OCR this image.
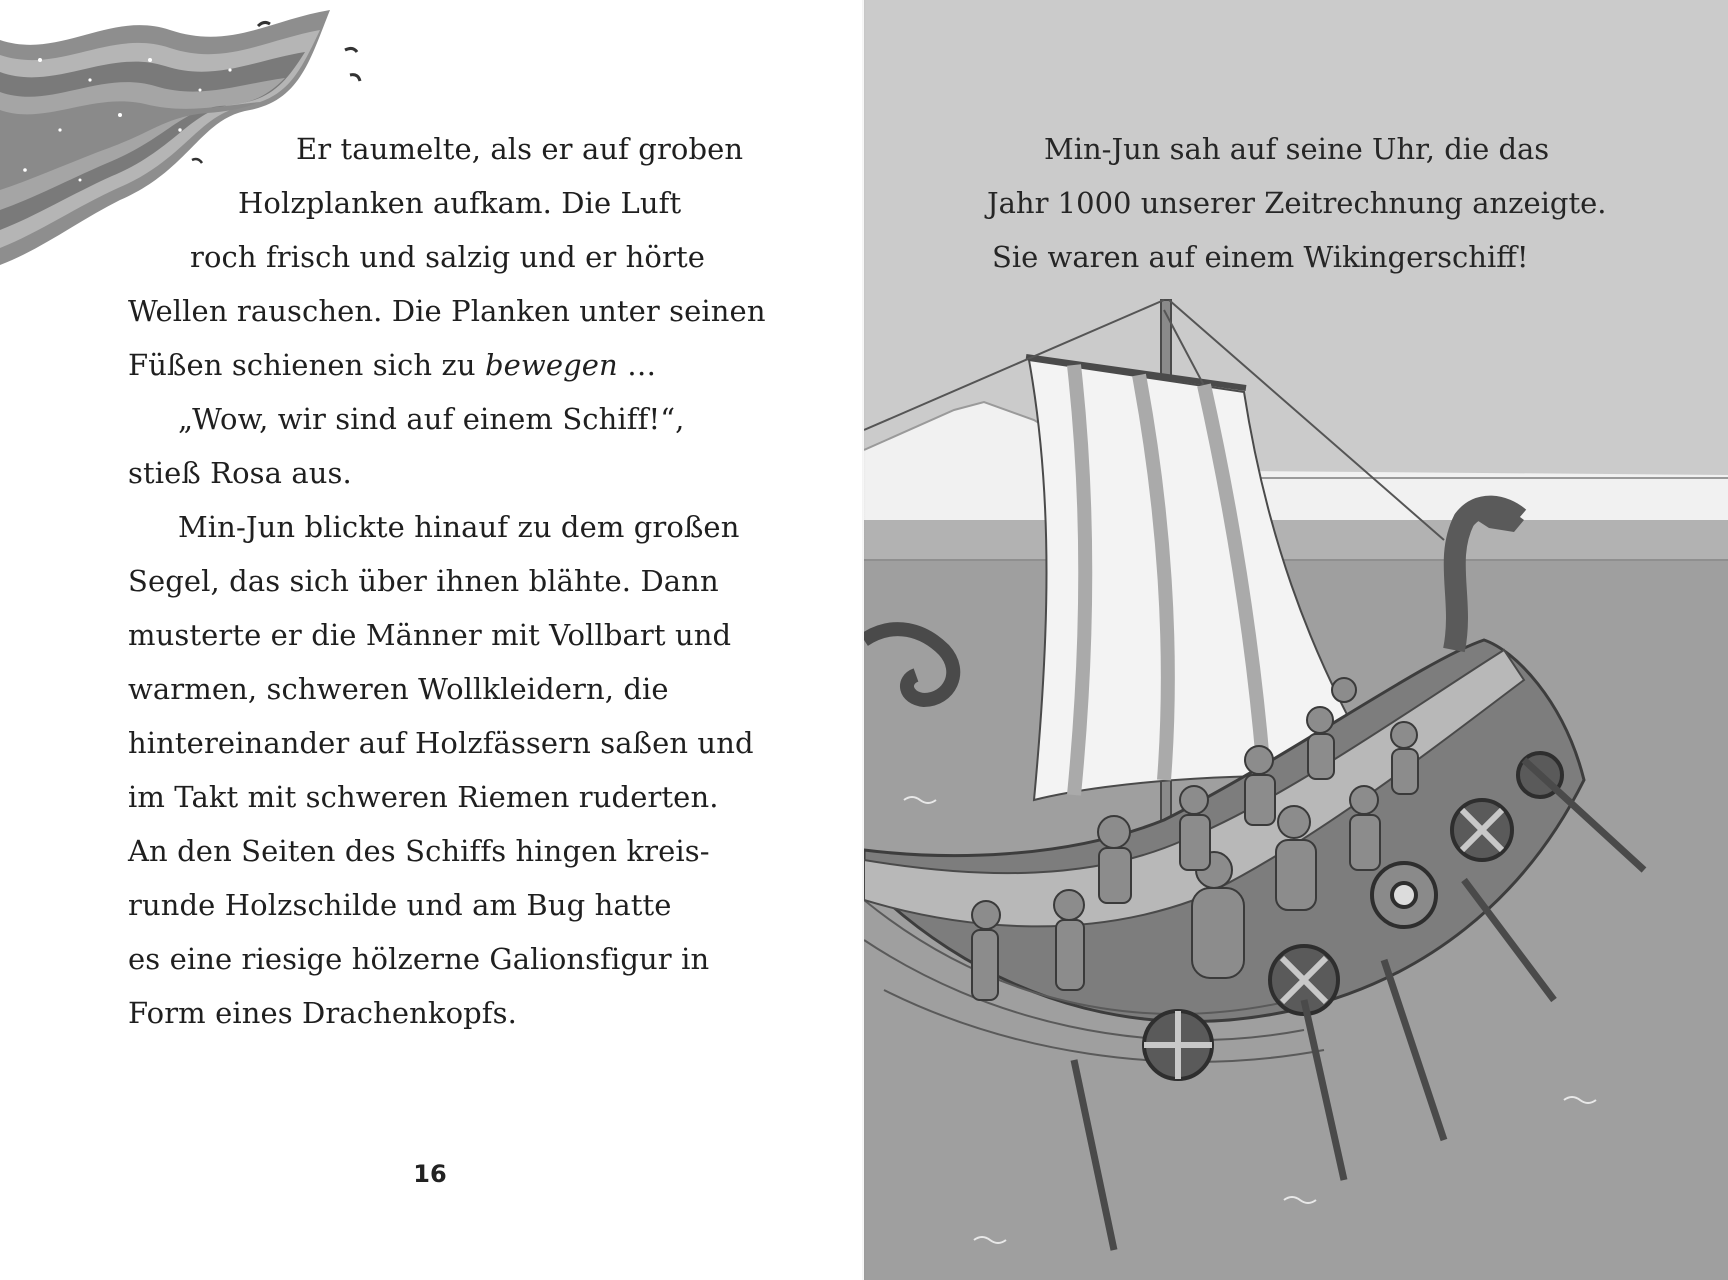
Er taumelte, als er auf groben
Holzplanken aufkam. Die Luft
roch frisch und salzig und er hörte
Wellen rauschen. Die Planken unter seinen
Füßen schienen sich zu bewegen …
„Wow, wir sind auf einem Schiff!“,
stieß Rosa aus.
Min-Jun blickte hinauf zu dem großen
Segel, das sich über ihnen blähte. Dann
musterte er die Männer mit Vollbart und
warmen, schweren Wollkleidern, die
hintereinander auf Holzfässern saßen und
im Takt mit schweren Riemen ruderten.
An den Seiten des Schiffs hingen kreis-
runde Holzschilde und am Bug hatte
es eine riesige hölzerne Galionsfigur in
Form eines Drachenkopfs.
16
Min-Jun sah auf seine Uhr, die das
Jahr 1000 unserer Zeitrechnung anzeigte.
Sie waren auf einem Wikingerschiff!
